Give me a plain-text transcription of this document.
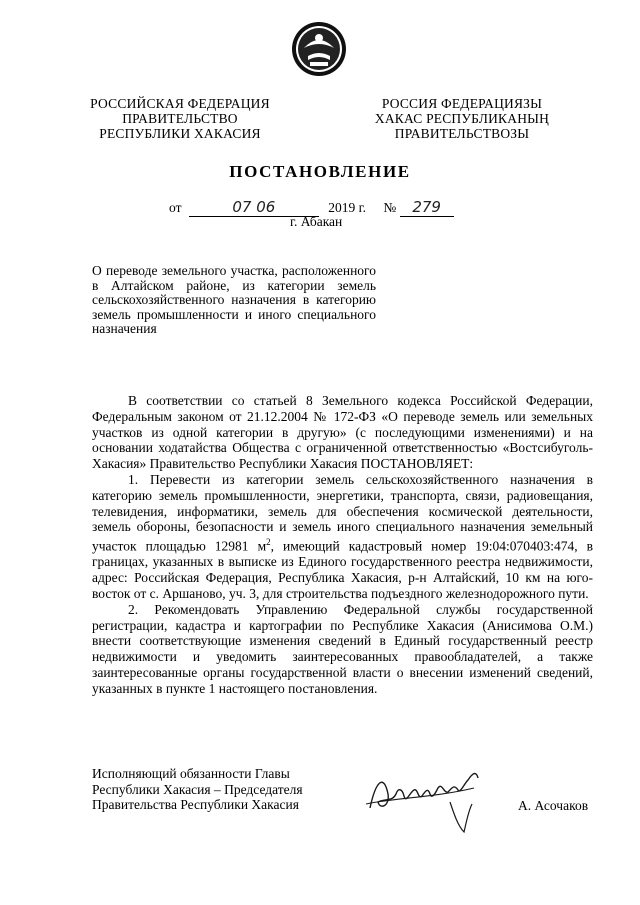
РОССИЙСКАЯ ФЕДЕРАЦИЯ
ПРАВИТЕЛЬСТВО
РЕСПУБЛИКИ ХАКАСИЯ
РОССИЯ ФЕДЕРАЦИЯЗЫ
ХАКАС РЕСПУБЛИКАНЫҢ
ПРАВИТЕЛЬСТВОЗЫ
ПОСТАНОВЛЕНИЕ
от	07 06	2019 г. № 279
г. Абакан
О переводе земельного участка, расположенного в Алтайском районе, из категории земель сельскохозяйственного назначения в категорию земель промышленности и иного специального назначения

В соответствии со статьей 8 Земельного кодекса Российской Федерации, Федеральным законом от 21.12.2004 № 172-ФЗ «О переводе земель или земельных участков из одной категории в другую» (с последующими изменениями) и на основании ходатайства Общества с ограниченной ответственностью «Востсибуголь-Хакасия» Правительство Республики Хакасия ПОСТАНОВЛЯЕТ:

1. Перевести из категории земель сельскохозяйственного назначения в категорию земель промышленности, энергетики, транспорта, связи, радиовещания, телевидения, информатики, земель для обеспечения космической деятельности, земель обороны, безопасности и земель иного специального назначения земельный участок площадью 12981 $м^2$, имеющий кадастровый номер 19:04:070403:474, в границах, указанных в выписке из Единого государственного реестра недвижимости, адрес: Российская Федерация, Республика Хакасия, р-н Алтайский, 10 км на юго-восток от с. Аршаново, уч. 3, для строительства подъездного железнодорожного пути.

2. Рекомендовать Управлению Федеральной службы государственной регистрации, кадастра и картографии по Республике Хакасия (Анисимова О.М.) внести соответствующие изменения сведений в Единый государственный реестр недвижимости и уведомить заинтересованных правообладателей, а также заинтересованные органы государственной власти о внесении изменений сведений, указанных в пункте 1 настоящего постановления.

Исполняющий обязанности Главы
Республики Хакасия – Председателя
Правительства Республики Хакасия	А. Асочаков
